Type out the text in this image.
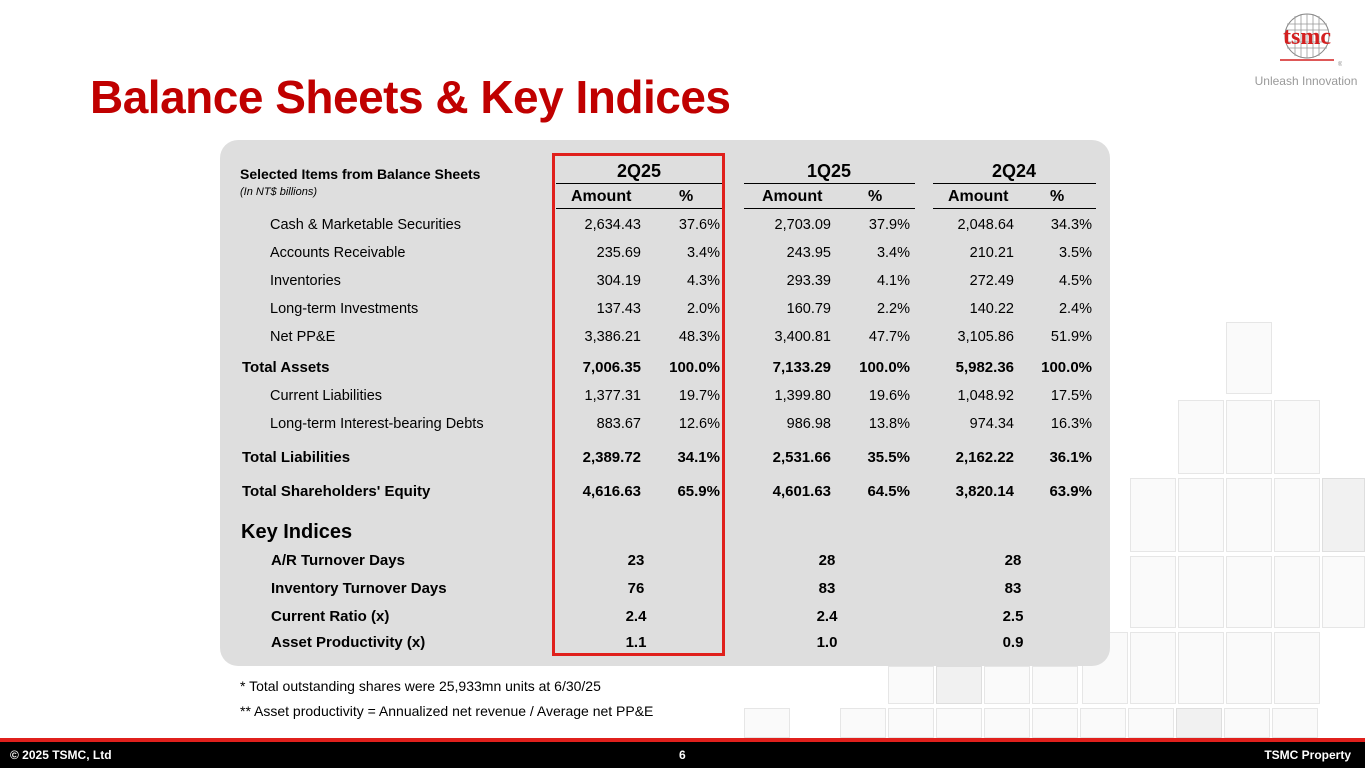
Balance Sheets & Key Indices
tsmc
®
Unleash Innovation
Selected Items from Balance Sheets
(In NT$ billions)
2Q25
Amount	%
1Q25
Amount	%
2Q24
Amount	%
Cash & Marketable Securities	2,634.43	37.6%	2,703.09	37.9%	2,048.64	34.3%
Accounts Receivable	235.69	3.4%	243.95	3.4%	210.21	3.5%
Inventories	304.19	4.3%	293.39	4.1%	272.49	4.5%
Long-term Investments	137.43	2.0%	160.79	2.2%	140.22	2.4%
Net PP&E	3,386.21	48.3%	3,400.81	47.7%	3,105.86	51.9%
Total Assets	7,006.35 100.0%	7,133.29 100.0%	5,982.36 100.0%
Current Liabilities	1,377.31	19.7%	1,399.80	19.6%	1,048.92	17.5%
Long-term Interest-bearing Debts	883.67	12.6%	986.98	13.8%	974.34	16.3%
Total Liabilities	2,389.72 34.1%	2,531.66 35.5%	2,162.22 36.1%
Total Shareholders' Equity	4,616.63 65.9%	4,601.63 64.5%	3,820.14 63.9%
Key Indices
A/R Turnover Days	23	28	28
Inventory Turnover Days	76	83	83
Current Ratio (x)	2.4	2.4	2.5
Asset Productivity (x)	1.1	1.0	0.9
* Total outstanding shares were 25,933mn units at 6/30/25
** Asset productivity = Annualized net revenue / Average net PP&E
© 2025 TSMC, Ltd	6	TSMC Property
